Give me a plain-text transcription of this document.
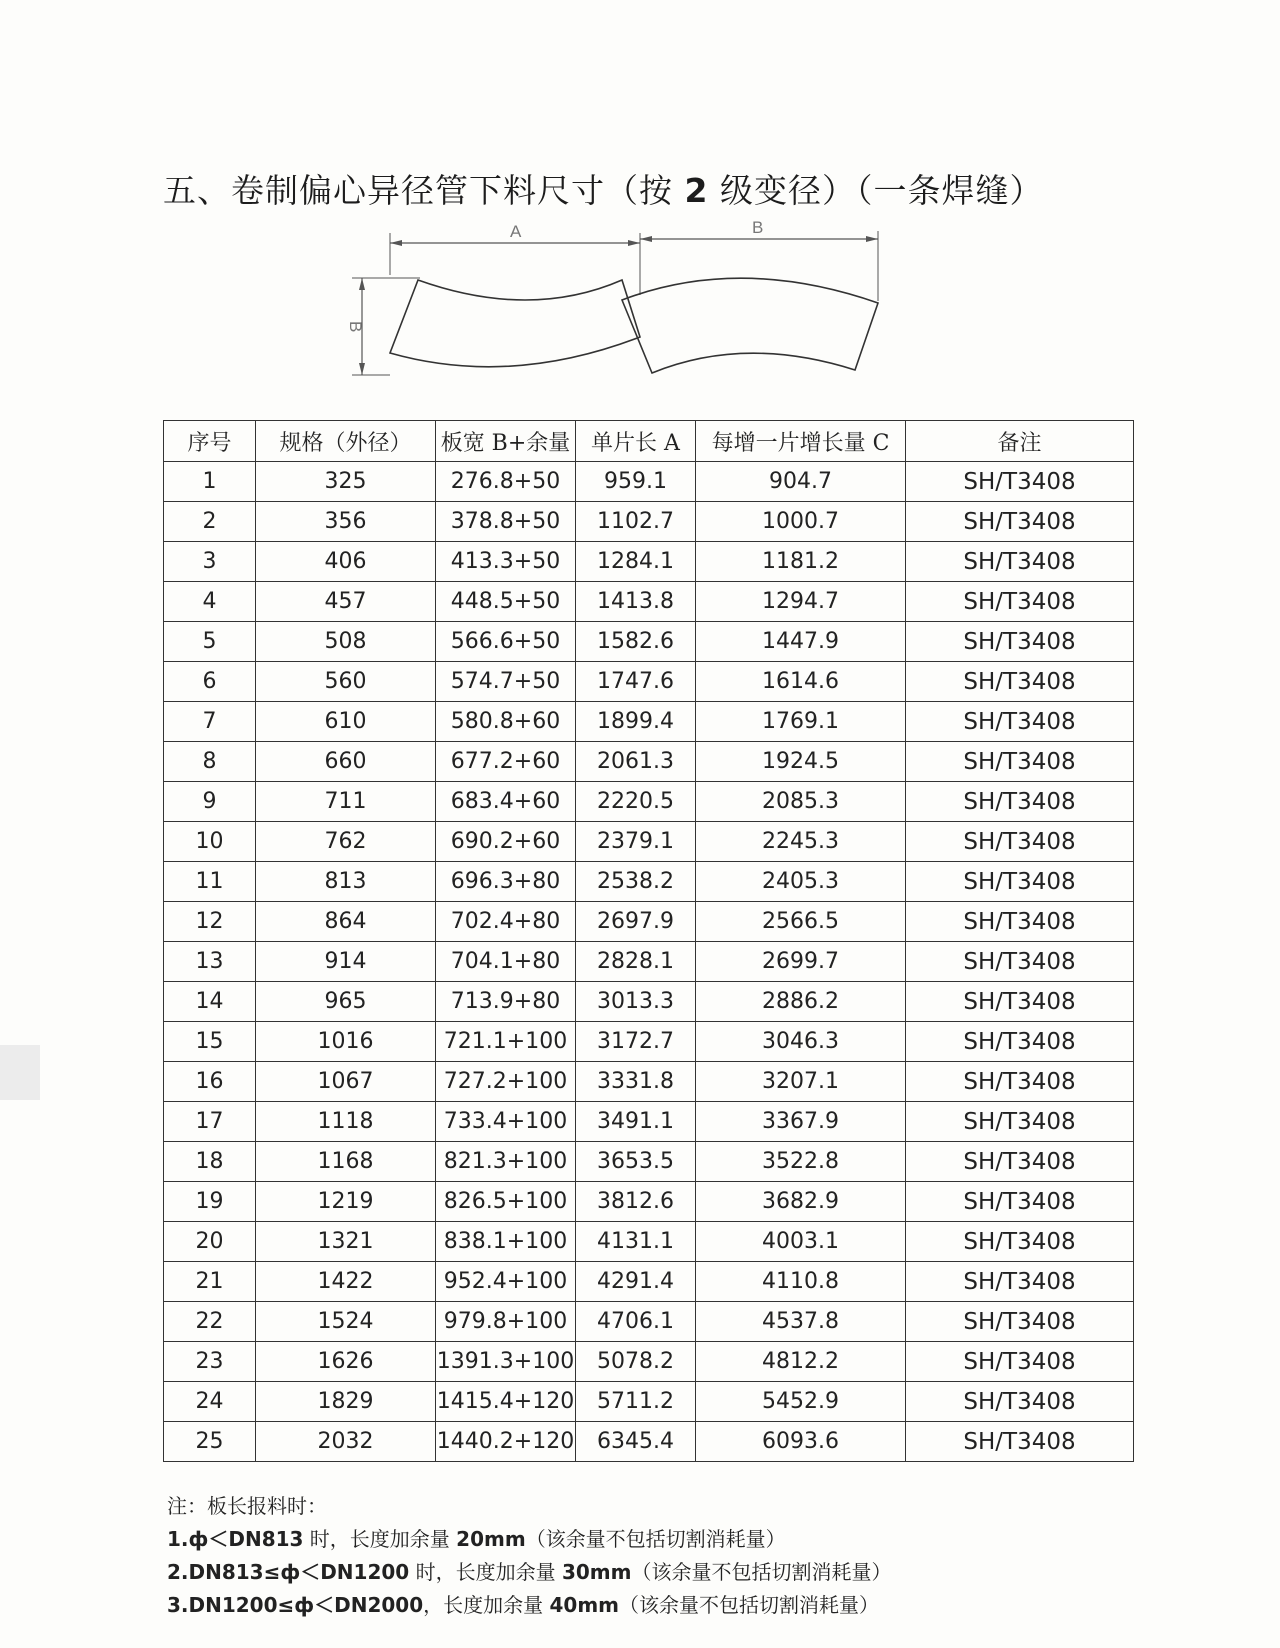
五、卷制偏心异径管下料尺寸（按 2 级变径）（一条焊缝）
A	B
B
序号	规格（外径）	板宽 B+余量	单片长 A	每增一片增长量 C	备注
1	325	276.8+50	959.1	904.7	SH/T3408
2	356	378.8+50	1102.7	1000.7	SH/T3408
3	406	413.3+50	1284.1	1181.2	SH/T3408
4	457	448.5+50	1413.8	1294.7	SH/T3408
5	508	566.6+50	1582.6	1447.9	SH/T3408
6	560	574.7+50	1747.6	1614.6	SH/T3408
7	610	580.8+60	1899.4	1769.1	SH/T3408
8	660	677.2+60	2061.3	1924.5	SH/T3408
9	711	683.4+60	2220.5	2085.3	SH/T3408
10	762	690.2+60	2379.1	2245.3	SH/T3408
11	813	696.3+80	2538.2	2405.3	SH/T3408
12	864	702.4+80	2697.9	2566.5	SH/T3408
13	914	704.1+80	2828.1	2699.7	SH/T3408
14	965	713.9+80	3013.3	2886.2	SH/T3408
15	1016	721.1+100	3172.7	3046.3	SH/T3408
16	1067	727.2+100	3331.8	3207.1	SH/T3408
17	1118	733.4+100	3491.1	3367.9	SH/T3408
18	1168	821.3+100	3653.5	3522.8	SH/T3408
19	1219	826.5+100	3812.6	3682.9	SH/T3408
20	1321	838.1+100	4131.1	4003.1	SH/T3408
21	1422	952.4+100	4291.4	4110.8	SH/T3408
22	1524	979.8+100	4706.1	4537.8	SH/T3408
23	1626	1391.3+100	5078.2	4812.2	SH/T3408
24	1829	1415.4+120	5711.2	5452.9	SH/T3408
25	2032	1440.2+120	6345.4	6093.6	SH/T3408
注：板长报料时：
1.ф＜DN813 时，长度加余量 20mm（该余量不包括切割消耗量）
2.DN813≤ф＜DN1200 时，长度加余量 30mm（该余量不包括切割消耗量）
3.DN1200≤ф＜DN2000，长度加余量 40mm（该余量不包括切割消耗量）
